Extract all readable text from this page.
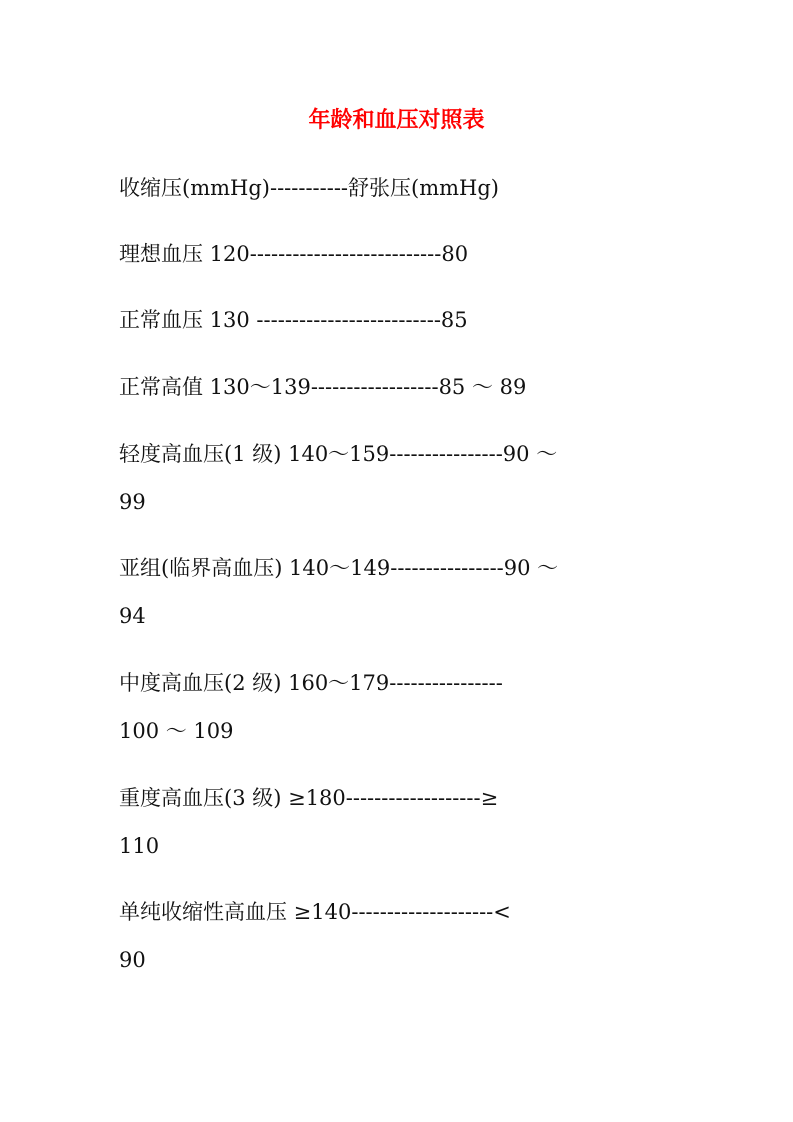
年龄和血压对照表

收缩压(mmHg)-----------舒张压(mmHg)

理想血压 120---------------------------80

正常血压 130 --------------------------85

正常高值 130～139------------------85 ～ 89

轻度高血压(1 级) 140～159----------------90 ～

99

亚组(临界高血压) 140～149----------------90 ～

94

中度高血压(2 级) 160～179----------------

100 ～ 109

重度高血压(3 级) ≥180-------------------≥

110

单纯收缩性高血压 ≥140--------------------<

90
